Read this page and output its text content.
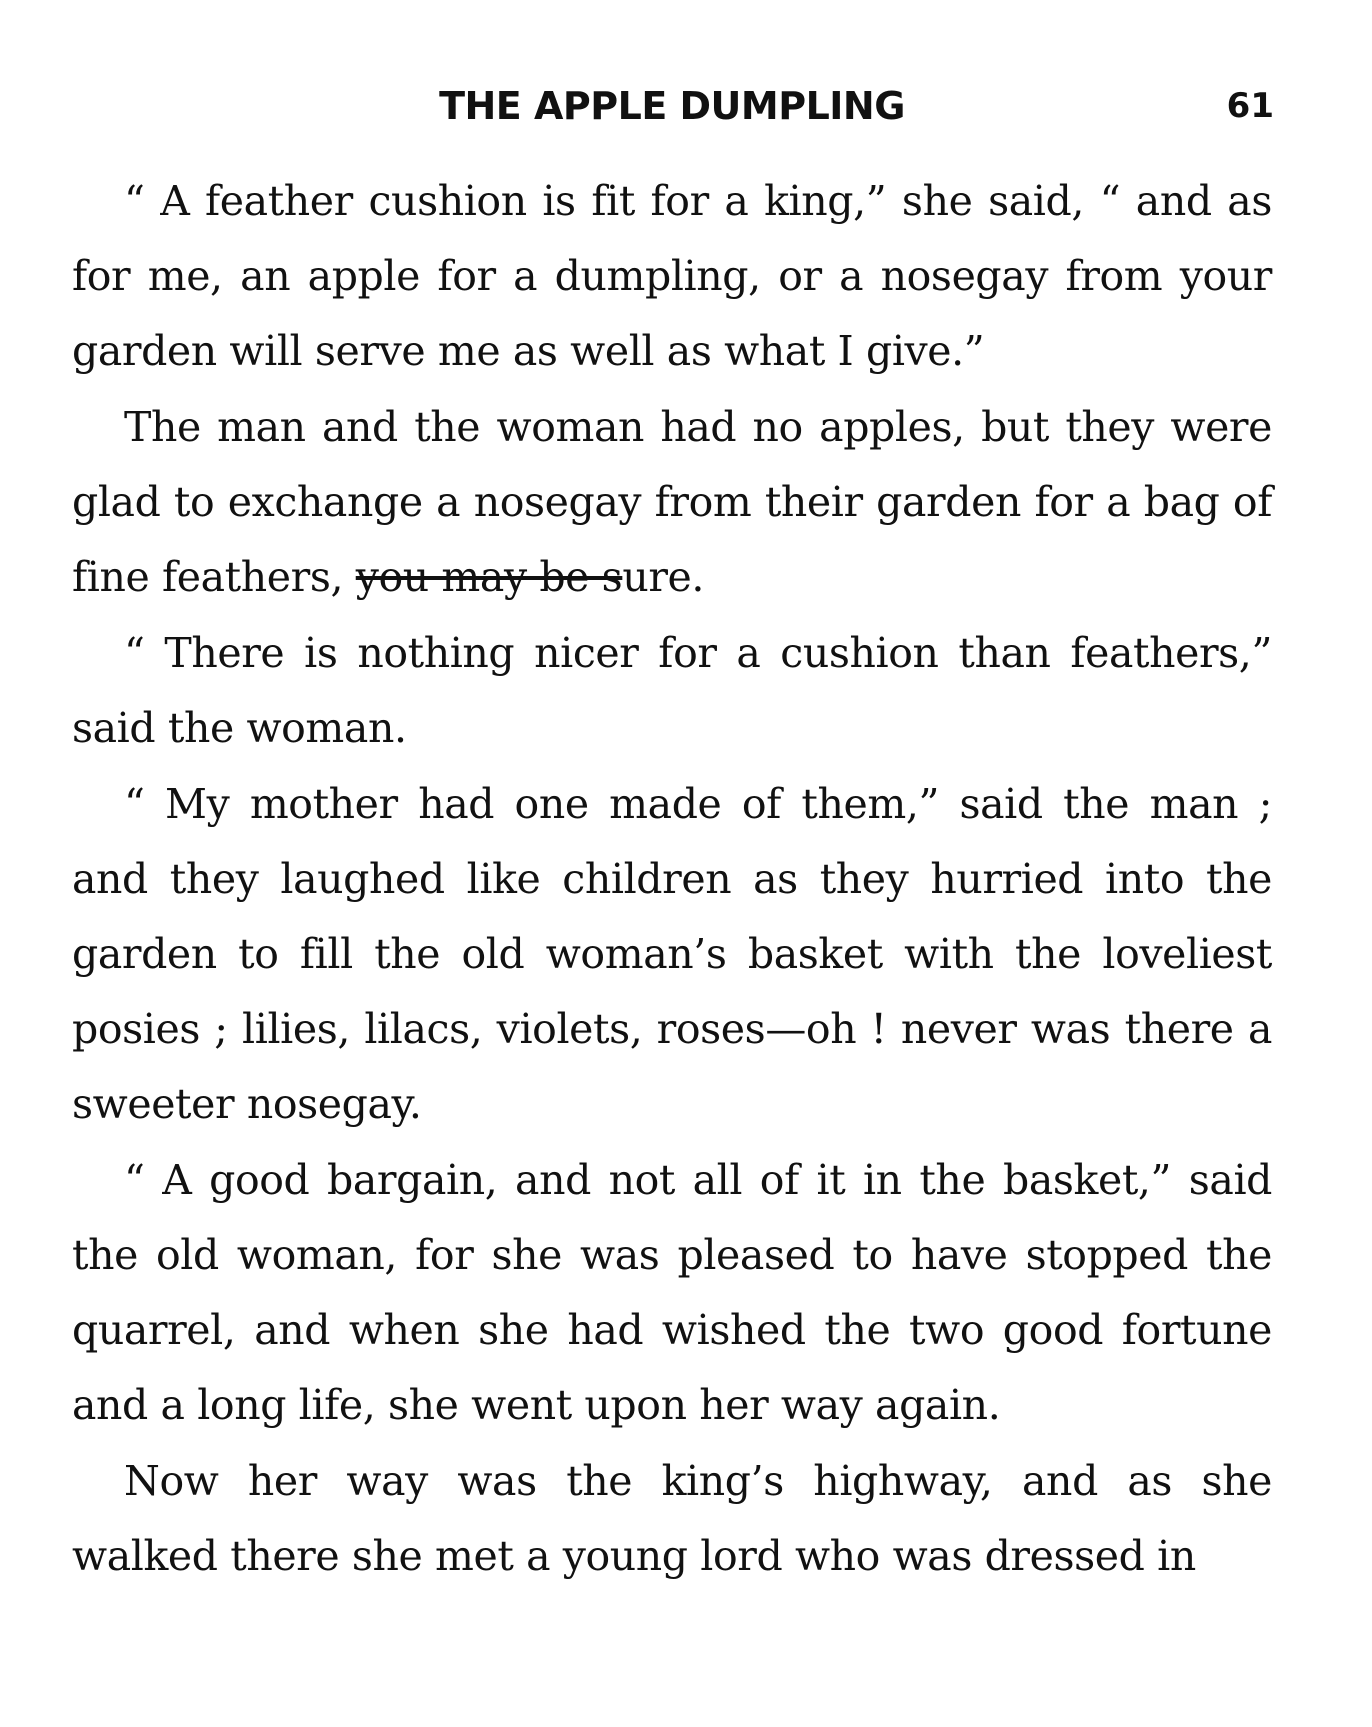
THE APPLE DUMPLING	61

“ A feather cushion is fit for a king,” she said, “ and as for me, an apple for a dumpling, or a nosegay from your garden will serve me as well as what I give.”

The man and the woman had no apples, but they were glad to exchange a nosegay from their garden for a bag of fine feathers, you may be sure.

“ There is nothing nicer for a cushion than feathers,” said the woman.

“ My mother had one made of them,” said the man ; and they laughed like children as they hurried into the garden to fill the old woman’s basket with the loveliest posies ; lilies, lilacs, violets, roses—oh ! never was there a sweeter nosegay.

“ A good bargain, and not all of it in the basket,” said the old woman, for she was pleased to have stopped the quarrel, and when she had wished the two good fortune and a long life, she went upon her way again.

Now her way was the king’s highway, and as she walked there she met a young lord who was dressed in
